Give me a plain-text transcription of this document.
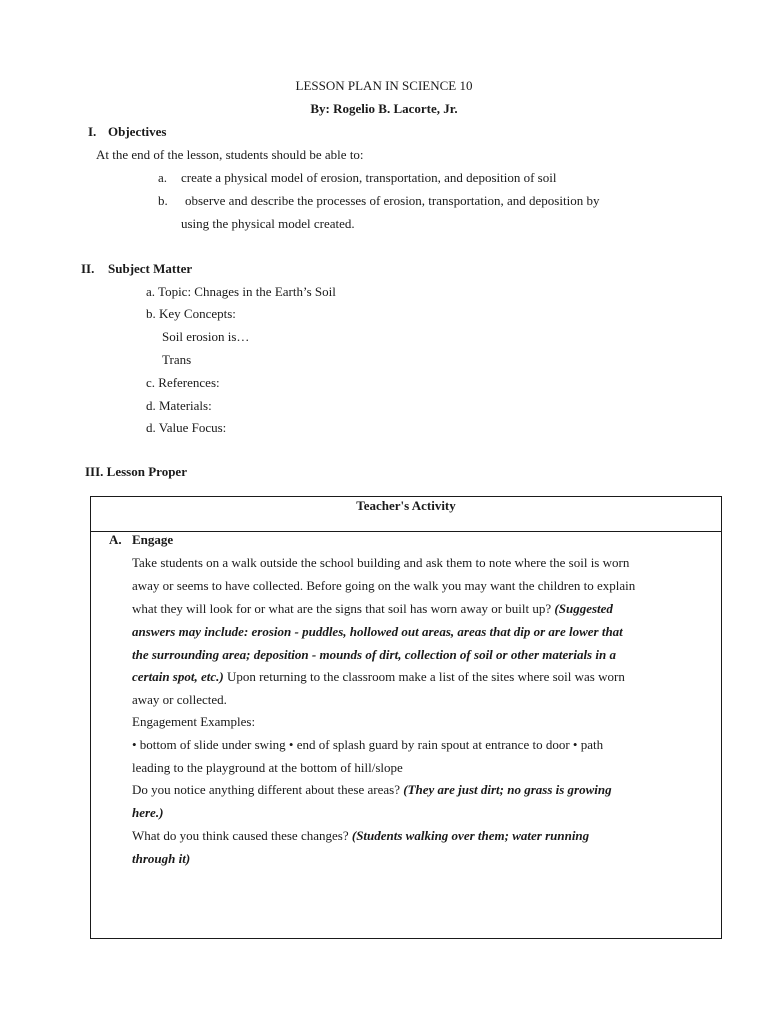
LESSON PLAN IN SCIENCE 10
By: Rogelio B. Lacorte, Jr.
I. Objectives
At the end of the lesson, students should be able to:
a. create a physical model of erosion, transportation, and deposition of soil
b. observe and describe the processes of erosion, transportation, and deposition by
using the physical model created.
II. Subject Matter
a. Topic: Chnages in the Earth’s Soil
b. Key Concepts:
Soil erosion is…
Trans
c. References:
d. Materials:
d. Value Focus:
III. Lesson Proper
Teacher's Activity
A. Engage
Take students on a walk outside the school building and ask them to note where the soil is worn
away or seems to have collected. Before going on the walk you may want the children to explain
what they will look for or what are the signs that soil has worn away or built up? (Suggested
answers may include: erosion - puddles, hollowed out areas, areas that dip or are lower that
the surrounding area; deposition - mounds of dirt, collection of soil or other materials in a
certain spot, etc.) Upon returning to the classroom make a list of the sites where soil was worn
away or collected.
Engagement Examples:
• bottom of slide under swing • end of splash guard by rain spout at entrance to door • path
leading to the playground at the bottom of hill/slope
Do you notice anything different about these areas? (They are just dirt; no grass is growing
here.)
What do you think caused these changes? (Students walking over them; water running
through it)
